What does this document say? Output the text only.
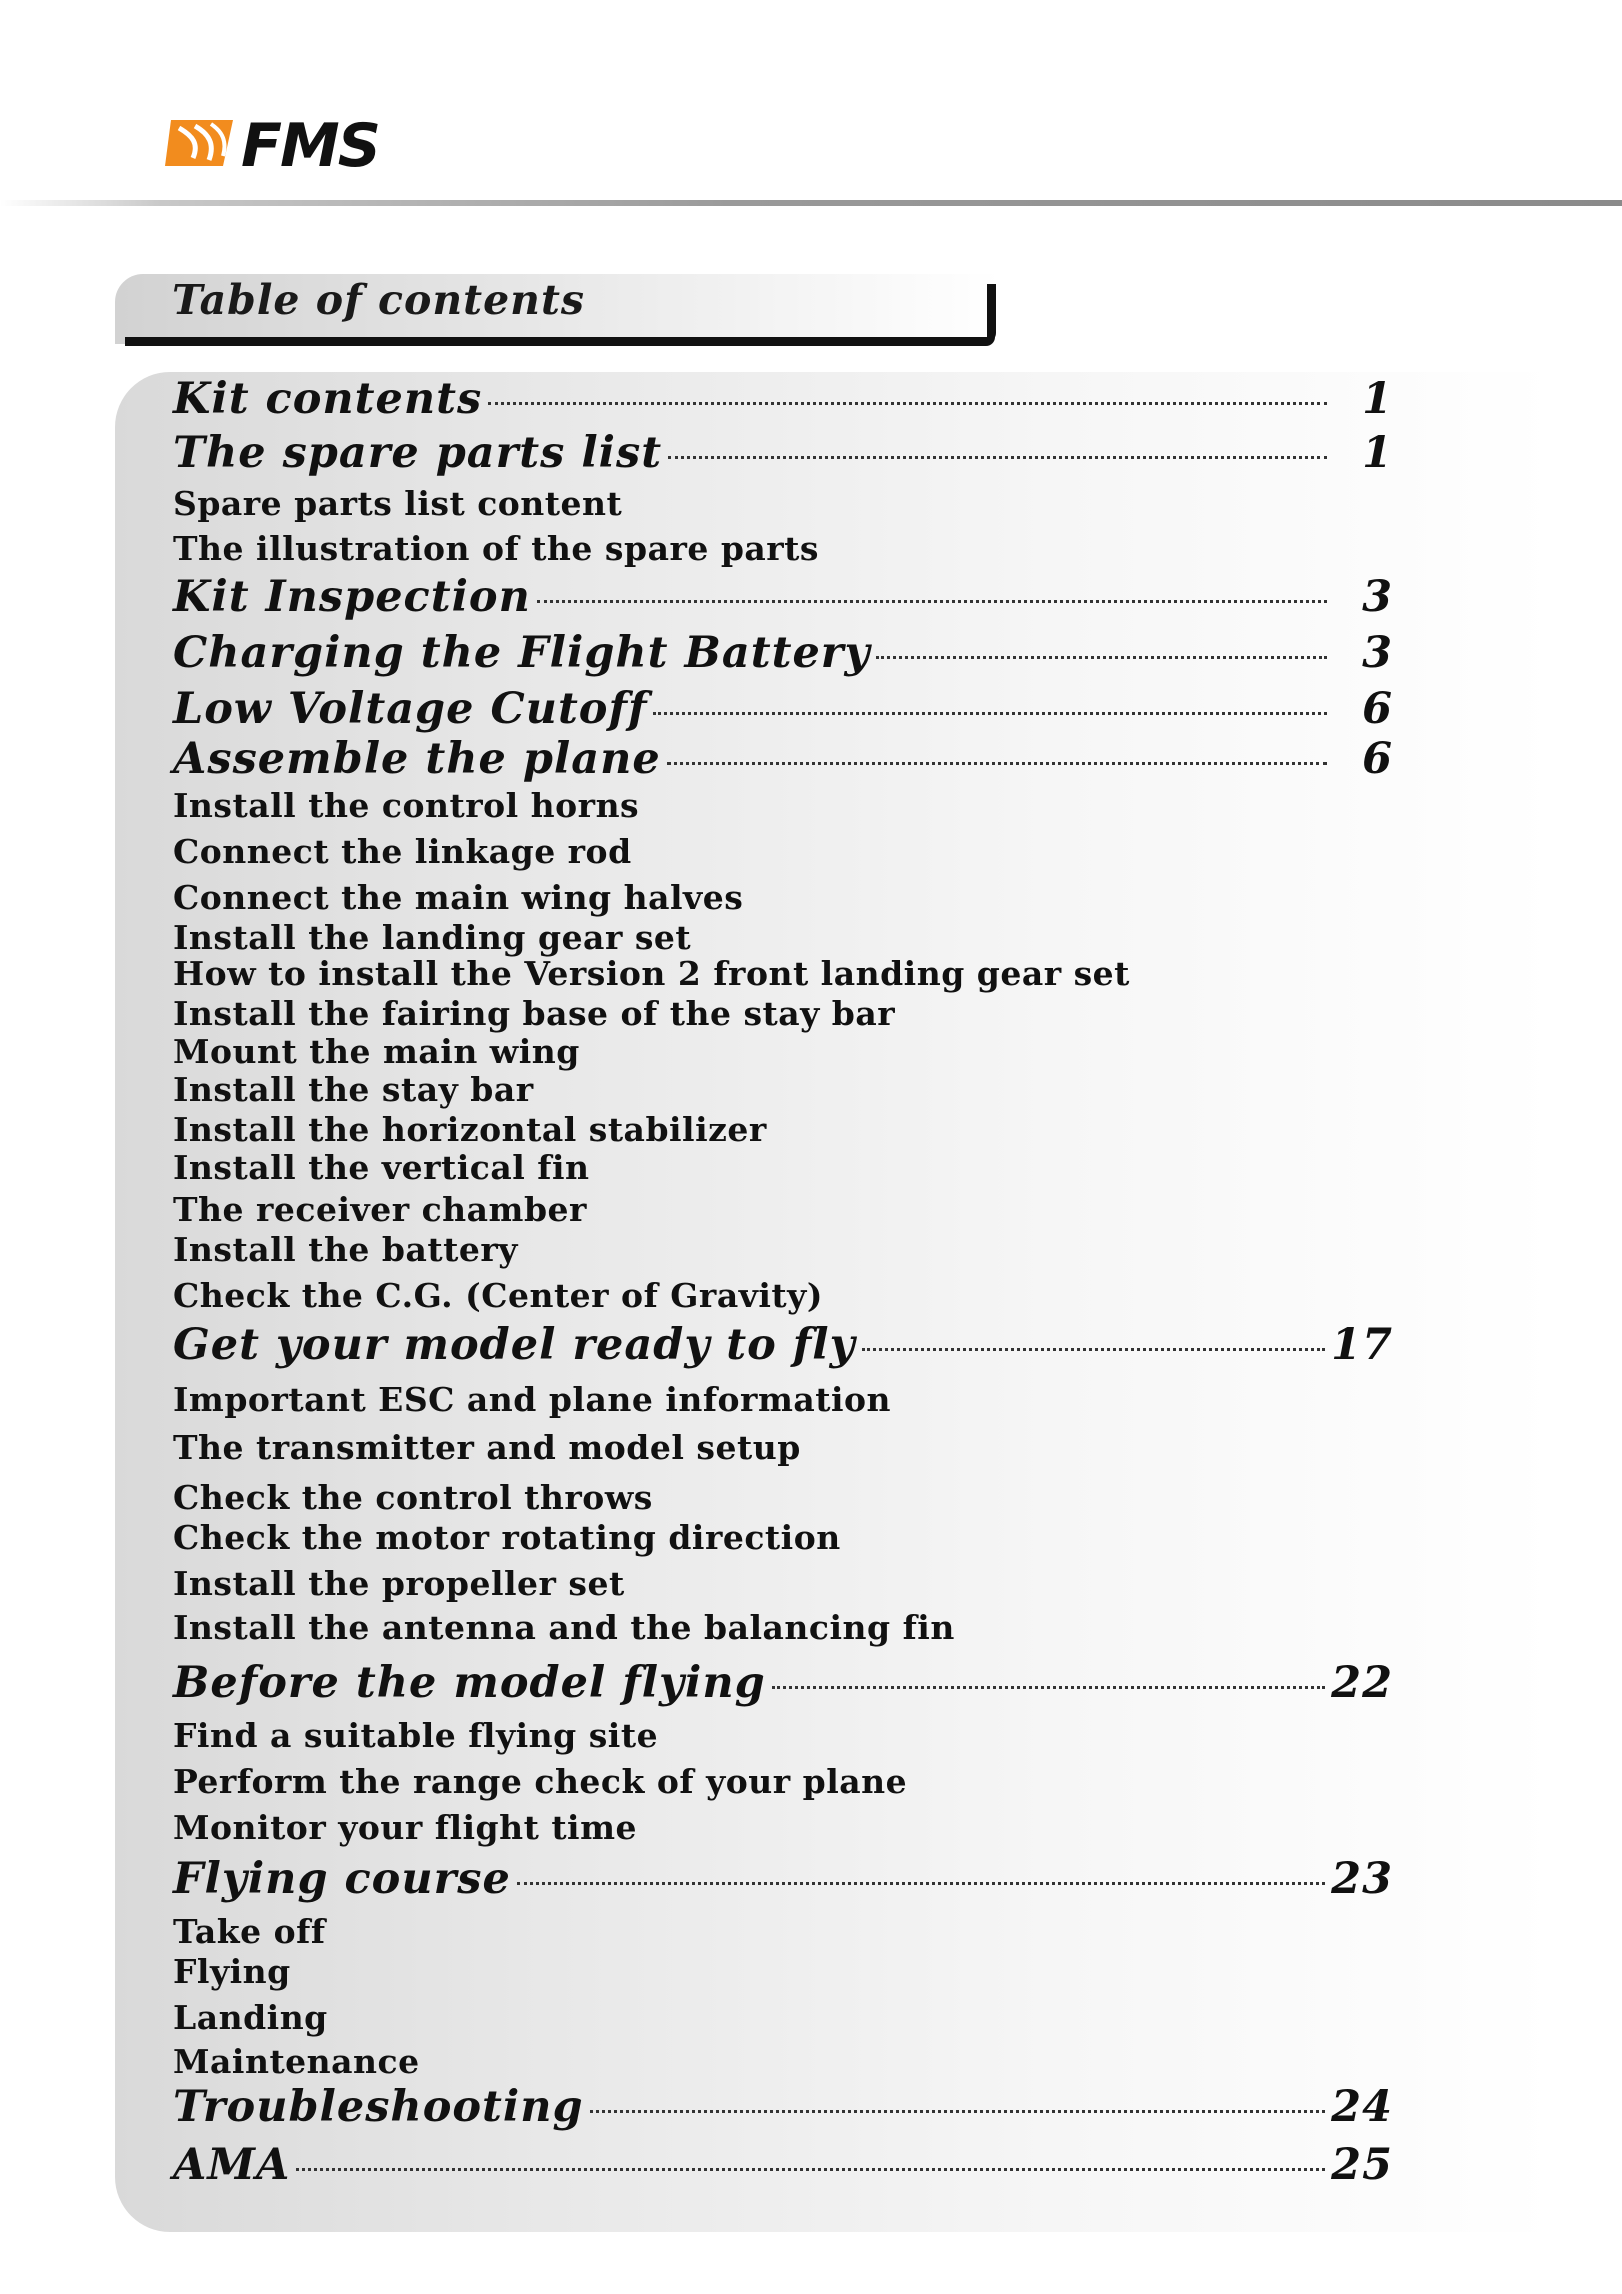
FMS
Table of contents
Kit contents	1
The spare parts list	1
Spare parts list content
The illustration of the spare parts
Kit Inspection	3
Charging the Flight Battery	3
Low Voltage Cutoff	6
Assemble the plane	6
Install the control horns
Connect the linkage rod
Connect the main wing halves
Install the landing gear set
How to install the Version 2 front landing gear set
Install the fairing base of the stay bar
Mount the main wing
Install the stay bar
Install the horizontal stabilizer
Install the vertical fin
The receiver chamber
Install the battery
Check the C.G. (Center of Gravity)
Get your model ready to fly	17
Important ESC and plane information
The transmitter and model setup
Check the control throws
Check the motor rotating direction
Install the propeller set
Install the antenna and the balancing fin
Before the model flying	22
Find a suitable flying site
Perform the range check of your plane
Monitor your flight time
Flying course	23
Take off
Flying
Landing
Maintenance
Troubleshooting	24
AMA	25
